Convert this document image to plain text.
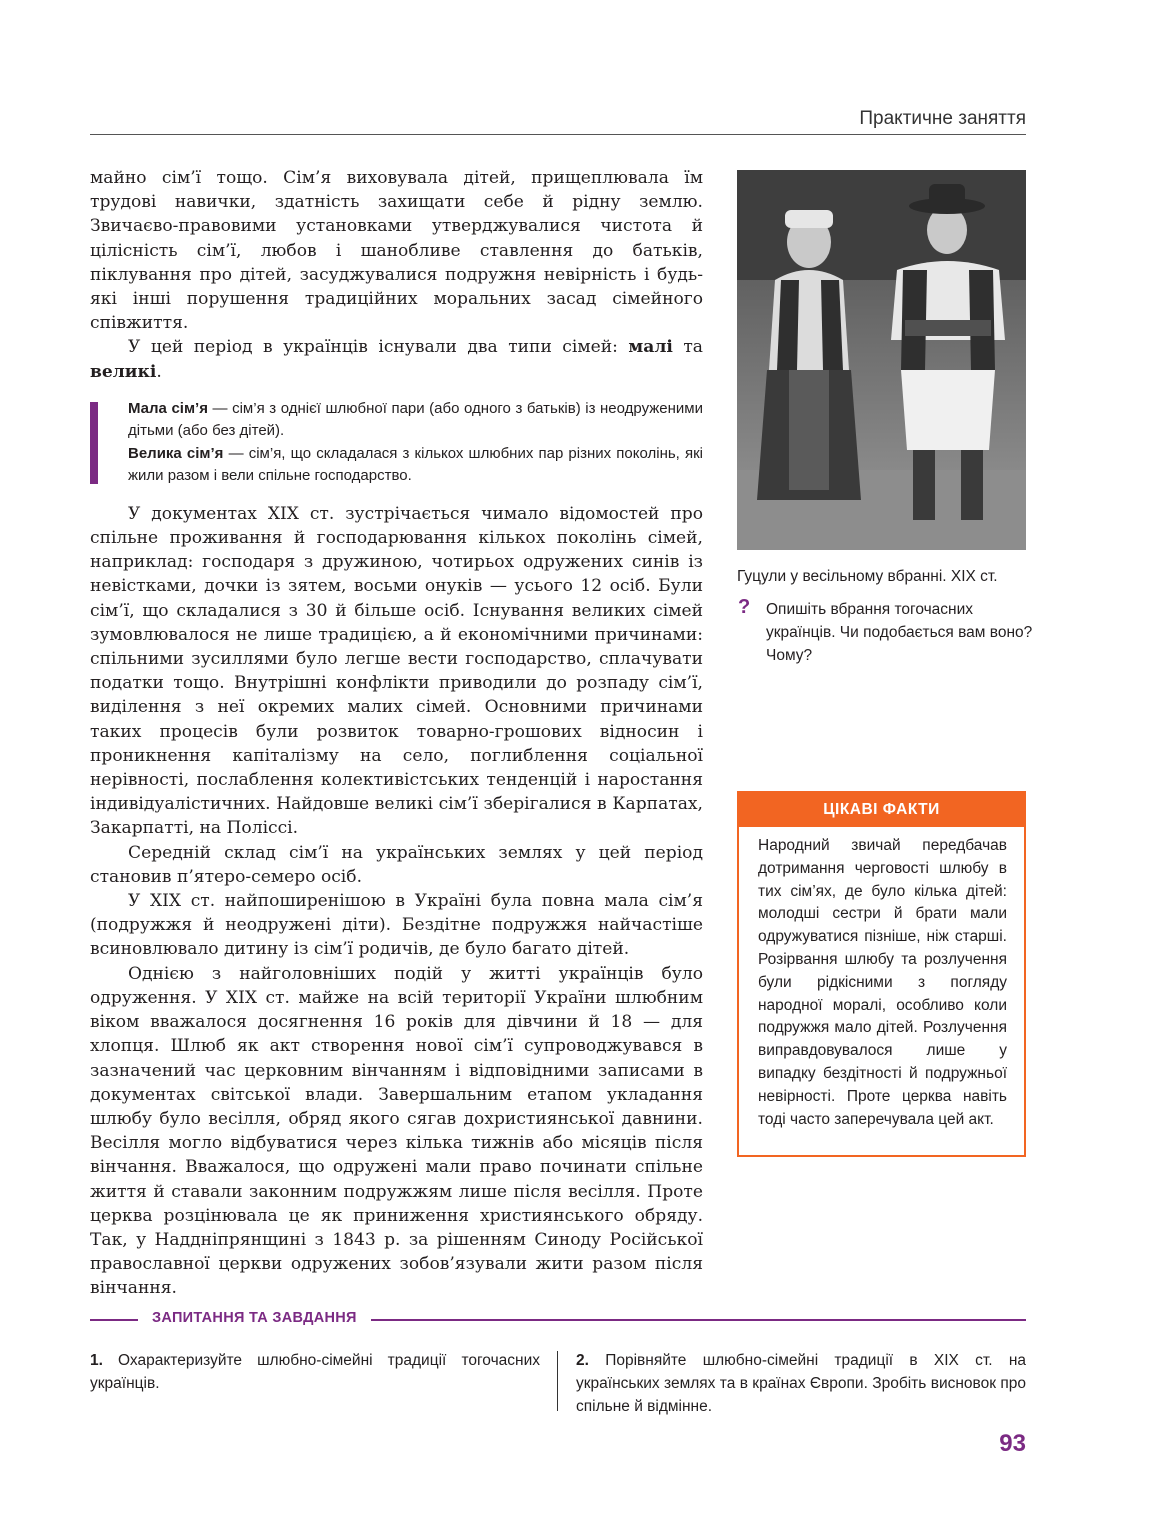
Практичне заняття

майно сім’ї тощо. Сім’я виховувала дітей, прищеплювала їм трудові навички, здатність захищати себе й рідну землю. Звичаєво-правовими установками утверджувалися чистота й цілісність сім’ї, любов і шанобливе ставлення до батьків, піклування про дітей, засуджувалися подружня невірність і будь-які інші порушення традиційних моральних засад сімейного співжиття.

У цей період в українців існували два типи сімей: малі та великі.

Мала сім’я — сім’я з однієї шлюбної пари (або одного з батьків) із неодруженими дітьми (або без дітей).

Велика сім’я — сім’я, що складалася з кількох шлюбних пар різних поколінь, які жили разом і вели спільне господарство.

У документах XIX ст. зустрічається чимало відомостей про спільне проживання й господарювання кількох поколінь сімей, наприклад: господаря з дружиною, чотирьох одружених синів із невістками, дочки із зятем, восьми онуків — усього 12 осіб. Були сім’ї, що складалися з 30 й більше осіб. Існування великих сімей зумовлювалося не лише традицією, а й економічними причинами: спільними зусиллями було легше вести господарство, сплачувати податки тощо. Внутрішні конфлікти приводили до розпаду сім’ї, виділення з неї окремих малих сімей. Основними причинами таких процесів були розвиток товарно-грошових відносин і проникнення капіталізму на село, поглиблення соціальної нерівності, послаблення колективістських тенденцій і наростання індивідуалістичних. Найдовше великі сім’ї зберігалися в Карпатах, Закарпатті, на Поліссі.

Середній склад сім’ї на українських землях у цей період становив п’ятеро-семеро осіб.

У XIX ст. найпоширенішою в Україні була повна мала сім’я (подружжя й неодружені діти). Бездітне подружжя найчастіше всиновлювало дитину із сім’ї родичів, де було багато дітей.

Однією з найголовніших подій у житті українців було одруження. У XIX ст. майже на всій території України шлюбним віком вважалося досягнення 16 років для дівчини й 18 — для хлопця. Шлюб як акт створення нової сім’ї супроводжувався в зазначений час церковним вінчанням і відповідними записами в документах світської влади. Завершальним етапом укладання шлюбу було весілля, обряд якого сягав дохристиянської давнини. Весілля могло відбуватися через кілька тижнів або місяців після вінчання. Вважалося, що одружені мали право починати спільне життя й ставали законним подружжям лише після весілля. Проте церква розцінювала це як приниження християнського обряду. Так, у Наддніпрянщині з 1843 р. за рішенням Синоду Російської православної церкви одружених зобов’язували жити разом після вінчання.

Гуцули у весільному вбранні. XIX ст.
? Опишіть вбрання тогочасних українців. Чи подобається вам воно? Чому?
ЦІКАВІ ФАКТИ
Народний звичай передбачав дотримання черговості шлюбу в тих сім’ях, де було кілька дітей: молодші сестри й брати мали одружуватися пізніше, ніж старші. Розірвання шлюбу та розлучення були рідкісними з погляду народної моралі, особливо коли подружжя мало дітей. Розлучення виправдовувалося лише у випадку бездітності й подружньої невірності. Проте церква навіть тоді часто заперечувала цей акт.
ЗАПИТАННЯ ТА ЗАВДАННЯ
1. Охарактеризуйте шлюбно-сімейні традиції тогочасних українців.
2. Порівняйте шлюбно-сімейні традиції в XIX ст. на українських землях та в країнах Європи. Зробіть висновок про спільне й відмінне.
93
